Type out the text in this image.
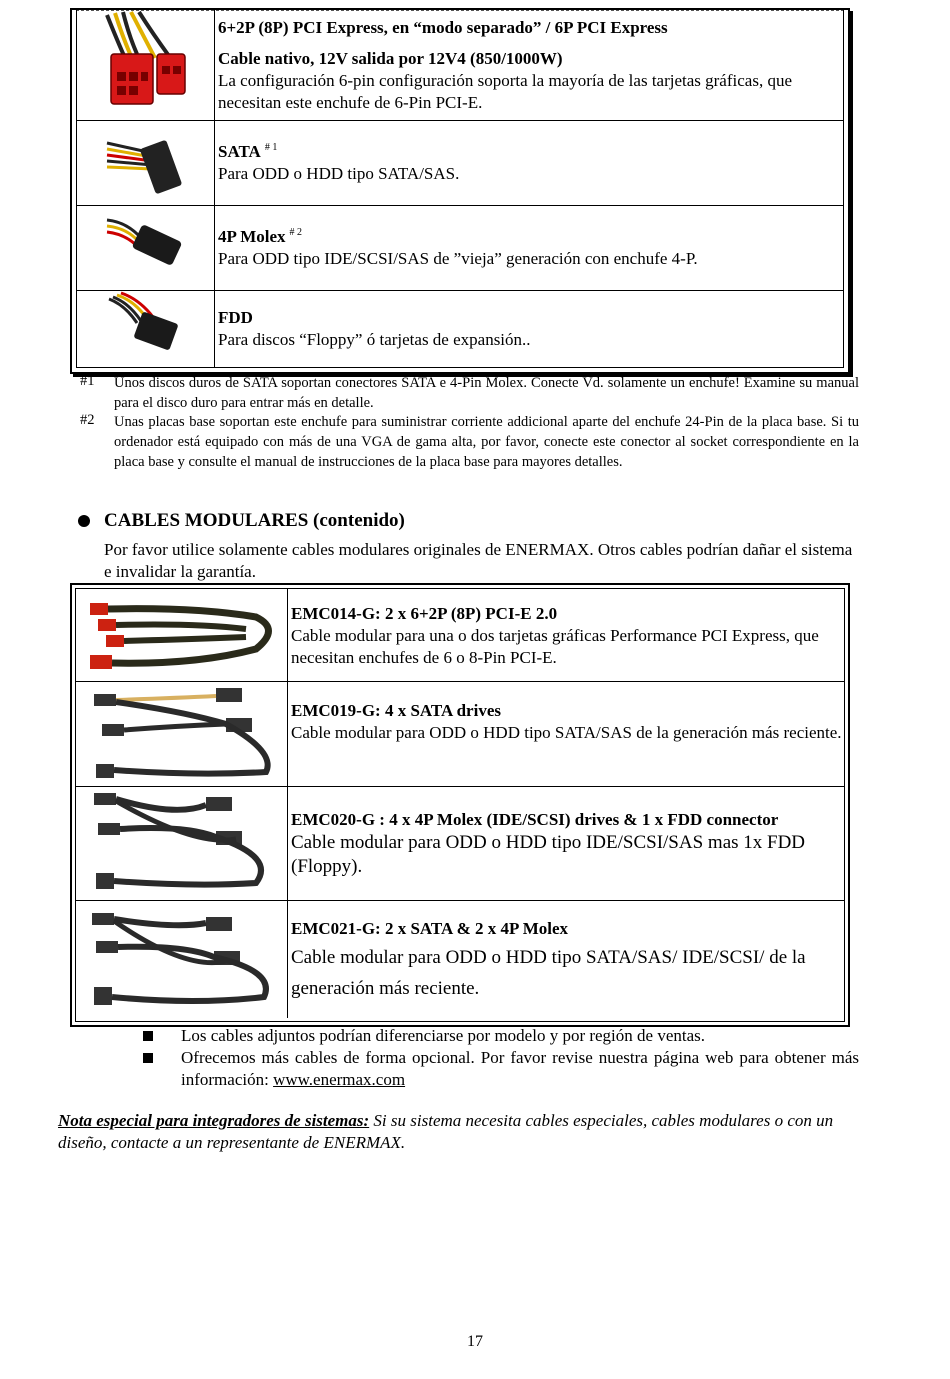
6+2P (8P) PCI Express, en “modo separado” / 6P PCI Express
Cable nativo, 12V salida por 12V4 (850/1000W)
La configuración 6-pin configuración soporta la mayoría de las tarjetas gráficas, que necesitan este enchufe de 6-Pin PCI-E.
SATA $^{\# 1}$
Para ODD o HDD tipo SATA/SAS.
4P Molex $^{\# 2}$
Para ODD tipo IDE/SCSI/SAS de ”vieja” generación con enchufe 4-P.
FDD
Para discos “Floppy” ó tarjetas de expansión..
#1 Unos discos duros de SATA soportan conectores SATA e 4-Pin Molex. Conecte Vd. solamente un enchufe! Examine su manual para el disco duro para entrar más en detalle.
#2 Unas placas base soportan este enchufe para suministrar corriente addicional aparte del enchufe 24-Pin de la placa base. Si tu ordenador está equipado con más de una VGA de gama alta, por favor, conecte este conector al socket correspondiente en la placa base y consulte el manual de instrucciones de la placa base para mayores detalles.
CABLES MODULARES (contenido)
Por favor utilice solamente cables modulares originales de ENERMAX. Otros cables podrían dañar el sistema e invalidar la garantía.
EMC014-G: 2 x 6+2P (8P) PCI-E 2.0
Cable modular para una o dos tarjetas gráficas Performance PCI Express, que necesitan enchufes de 6 o 8-Pin PCI-E.
EMC019-G: 4 x SATA drives
Cable modular para ODD o HDD tipo SATA/SAS de la generación más reciente.
EMC020-G : 4 x 4P Molex (IDE/SCSI) drives & 1 x FDD connector
Cable modular para ODD o HDD tipo IDE/SCSI/SAS mas 1x FDD (Floppy).
EMC021-G: 2 x SATA & 2 x 4P Molex
Cable modular para ODD o HDD tipo SATA/SAS/ IDE/SCSI/ de la generación más reciente.
Los cables adjuntos podrían diferenciarse por modelo y por región de ventas.
Ofrecemos más cables de forma opcional. Por favor revise nuestra página web para obtener más información: www.enermax.com
Nota especial para integradores de sistemas: Si su sistema necesita cables especiales, cables modulares o con un diseño, contacte a un representante de ENERMAX.
17
